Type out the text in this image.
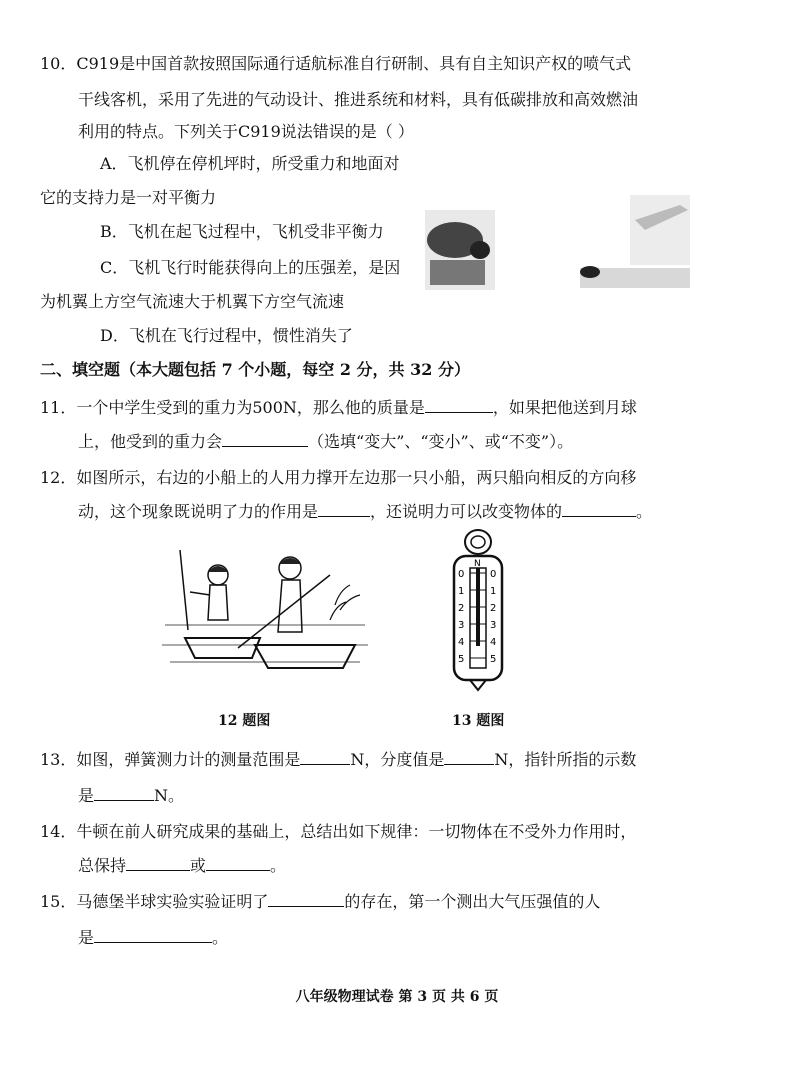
10．C919是中国首款按照国际通行适航标准自行研制、具有自主知识产权的喷气式
干线客机，采用了先进的气动设计、推进系统和材料，具有低碳排放和高效燃油
利用的特点。下列关于C919说法错误的是（ ）
A．飞机停在停机坪时，所受重力和地面对
它的支持力是一对平衡力
B．飞机在起飞过程中，飞机受非平衡力
C．飞机飞行时能获得向上的压强差，是因
为机翼上方空气流速大于机翼下方空气流速
D．飞机在飞行过程中，惯性消失了
二、填空题（本大题包括 7 个小题，每空 2 分，共 32 分）
11．一个中学生受到的重力为500N，那么他的质量是	，如果把他送到月球
上，他受到的重力会	（选填“变大”、“变小”、或“不变”）。
12．如图所示，右边的小船上的人用力撑开左边那一只小船，两只船向相反的方向移
动，这个现象既说明了力的作用是	，还说明力可以改变物体的	。
N
0
1
2
3
4
5
0
1
2
3
4
5
12 题图	13 题图
13．如图，弹簧测力计的测量范围是	N，分度值是	N，指针所指的示数
是	N。
14．牛顿在前人研究成果的基础上，总结出如下规律：一切物体在不受外力作用时，
总保持	或	。
15．马德堡半球实验实验证明了	的存在，第一个测出大气压强值的人
是	。
八年级物理试卷 第 3 页 共 6 页
